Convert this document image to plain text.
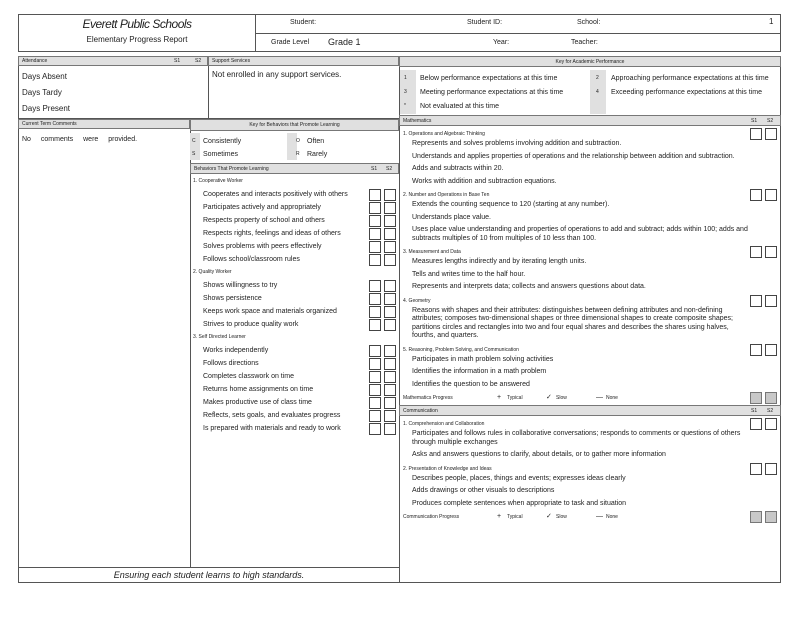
Everett Public Schools
Elementary Progress Report
Student:	Student ID:	School:	1
Grade Level Grade 1	Year:	Teacher:
Attendance	S1	S2
Days Absent
Days Tardy
Days Present
Support Services
Not enrolled in any support services.
Current Term Comments
No comments were provided.
Key for Behaviors that Promote Learning
C Consistently	O Often
S Sometimes	R Rarely
Behaviors That Promote Learning	S1 S2
1. Cooperative Worker
Cooperates and interacts positively with others
Participates actively and appropriately
Respects property of school and others
Respects rights, feelings and ideas of others
Solves problems with peers effectively
Follows school/classroom rules
2. Quality Worker
Shows willingness to try
Shows persistence
Keeps work space and materials organized
Strives to produce quality work
3. Self Directed Learner
Works independently
Follows directions
Completes classwork on time
Returns home assignments on time
Makes productive use of class time
Reflects, sets goals, and evaluates progress
Is prepared with materials and ready to work
Ensuring each student learns to high standards.
Key for Academic Performance
1 Below performance expectations at this time	2 Approaching performance expectations at this time
3 Meeting performance expectations at this time	4 Exceeding performance expectations at this time
* Not evaluated at this time
Mathematics	S1 S2
1. Operations and Algebraic Thinking
Represents and solves problems involving addition and subtraction.
Understands and applies properties of operations and the relationship between addition and subtraction.
Adds and subtracts within 20.
Works with addition and subtraction equations.
2. Number and Operations in Base Ten
Extends the counting sequence to 120 (starting at any number).
Understands place value.
Uses place value understanding and properties of operations to add and subtract; adds within 100; adds and subtracts multiples of 10 from multiples of 10 less than 100.
3. Measurement and Data
Measures lengths indirectly and by iterating length units.
Tells and writes time to the half hour.
Represents and interprets data; collects and answers questions about data.
4. Geometry
Reasons with shapes and their attributes: distinguishes between defining attributes and non-defining attributes; composes two-dimensional shapes or three dimensional shapes to create composite shapes; partitions circles and rectangles into two and four equal shares and describes the shares using halves, fourths, and quarters.
5. Reasoning, Problem Solving, and Communication
Participates in math problem solving activities
Identifies the information in a math problem
Identifies the question to be answered
Mathematics Progress	+ Typical	✓ Slow	— None
Communication	S1 S2
1. Comprehension and Collaboration
Participates and follows rules in collaborative conversations; responds to comments or questions of others through multiple exchanges
Asks and answers questions to clarify, about details, or to gather more information
2. Presentation of Knowledge and Ideas
Describes people, places, things and events; expresses ideas clearly
Adds drawings or other visuals to descriptions
Produces complete sentences when appropriate to task and situation
Communication Progress	+ Typical	✓ Slow	— None
